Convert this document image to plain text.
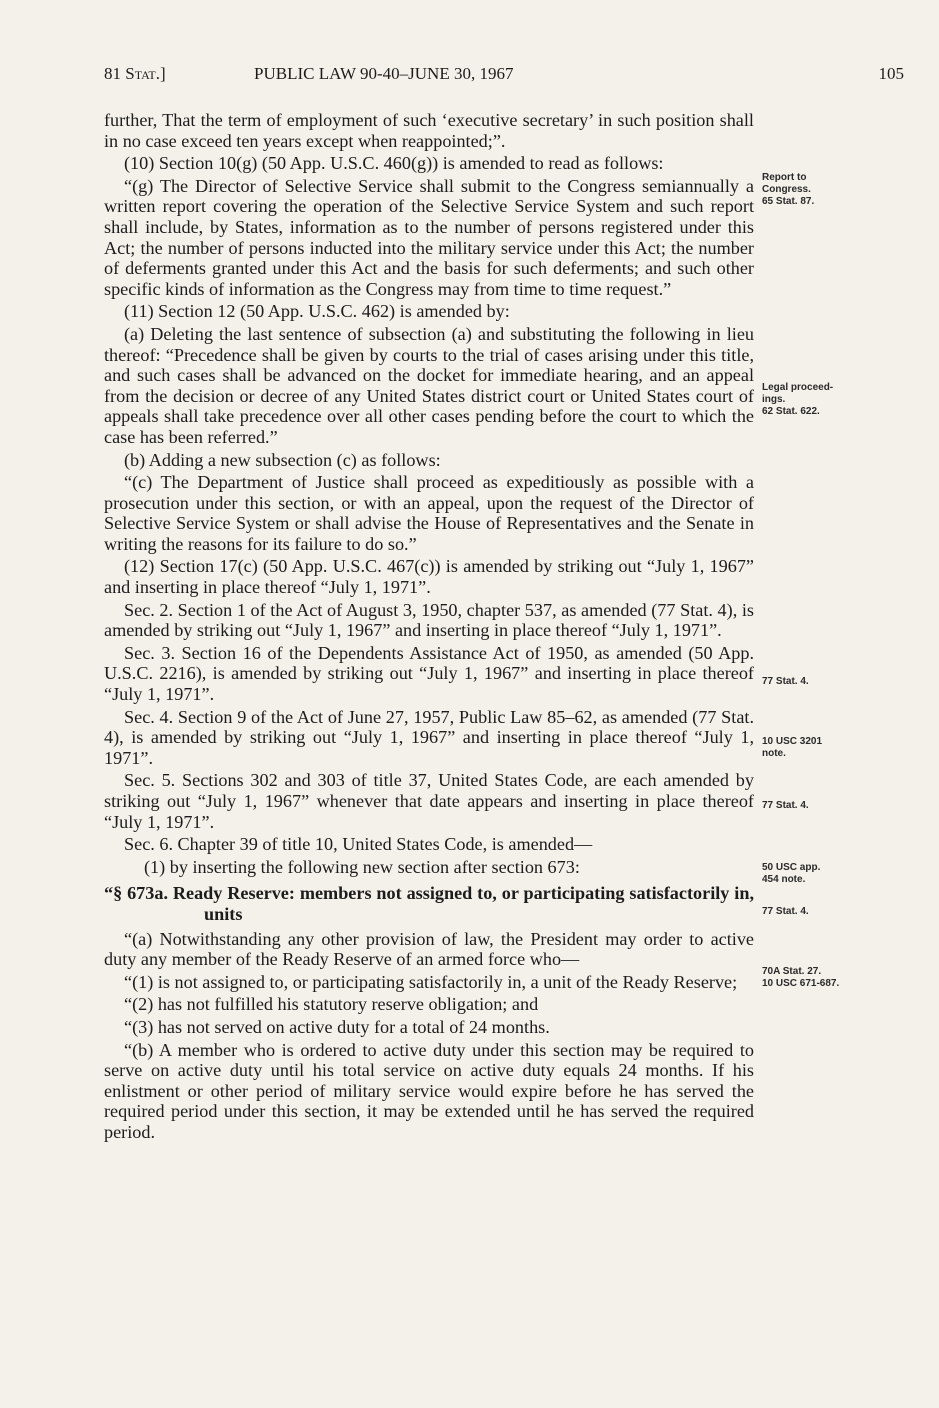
81 Stat.]	PUBLIC LAW 90-40–JUNE 30, 1967	105

further, That the term of employment of such ‘executive secretary’ in such position shall in no case exceed ten years except when reappointed;”.

(10) Section 10(g) (50 App. U.S.C. 460(g)) is amended to read as follows:

“(g) The Director of Selective Service shall submit to the Congress semiannually a written report covering the operation of the Selective Service System and such report shall include, by States, information as to the number of persons registered under this Act; the number of persons inducted into the military service under this Act; the number of deferments granted under this Act and the basis for such deferments; and such other specific kinds of information as the Congress may from time to time request.”

(11) Section 12 (50 App. U.S.C. 462) is amended by:

(a) Deleting the last sentence of subsection (a) and substituting the following in lieu thereof: “Precedence shall be given by courts to the trial of cases arising under this title, and such cases shall be advanced on the docket for immediate hearing, and an appeal from the decision or decree of any United States district court or United States court of appeals shall take precedence over all other cases pending before the court to which the case has been referred.”

(b) Adding a new subsection (c) as follows:

“(c) The Department of Justice shall proceed as expeditiously as possible with a prosecution under this section, or with an appeal, upon the request of the Director of Selective Service System or shall advise the House of Representatives and the Senate in writing the reasons for its failure to do so.”

(12) Section 17(c) (50 App. U.S.C. 467(c)) is amended by striking out “July 1, 1967” and inserting in place thereof “July 1, 1971”.

Sec. 2. Section 1 of the Act of August 3, 1950, chapter 537, as amended (77 Stat. 4), is amended by striking out “July 1, 1967” and inserting in place thereof “July 1, 1971”.

Sec. 3. Section 16 of the Dependents Assistance Act of 1950, as amended (50 App. U.S.C. 2216), is amended by striking out “July 1, 1967” and inserting in place thereof “July 1, 1971”.

Sec. 4. Section 9 of the Act of June 27, 1957, Public Law 85–62, as amended (77 Stat. 4), is amended by striking out “July 1, 1967” and inserting in place thereof “July 1, 1971”.

Sec. 5. Sections 302 and 303 of title 37, United States Code, are each amended by striking out “July 1, 1967” whenever that date appears and inserting in place thereof “July 1, 1971”.

Sec. 6. Chapter 39 of title 10, United States Code, is amended—

(1) by inserting the following new section after section 673:

“§ 673a. Ready Reserve: members not assigned to, or participating satisfactorily in, units

“(a) Notwithstanding any other provision of law, the President may order to active duty any member of the Ready Reserve of an armed force who—

“(1) is not assigned to, or participating satisfactorily in, a unit of the Ready Reserve;

“(2) has not fulfilled his statutory reserve obligation; and

“(3) has not served on active duty for a total of 24 months.

“(b) A member who is ordered to active duty under this section may be required to serve on active duty until his total service on active duty equals 24 months. If his enlistment or other period of military service would expire before he has served the required period under this section, it may be extended until he has served the required period.

Report to
Congress.
65 Stat. 87.
Legal proceed-
ings.
62 Stat. 622.
77 Stat. 4.
10 USC 3201
note.
77 Stat. 4.
50 USC app.
454 note.
77 Stat. 4.
70A Stat. 27.
10 USC 671-687.
